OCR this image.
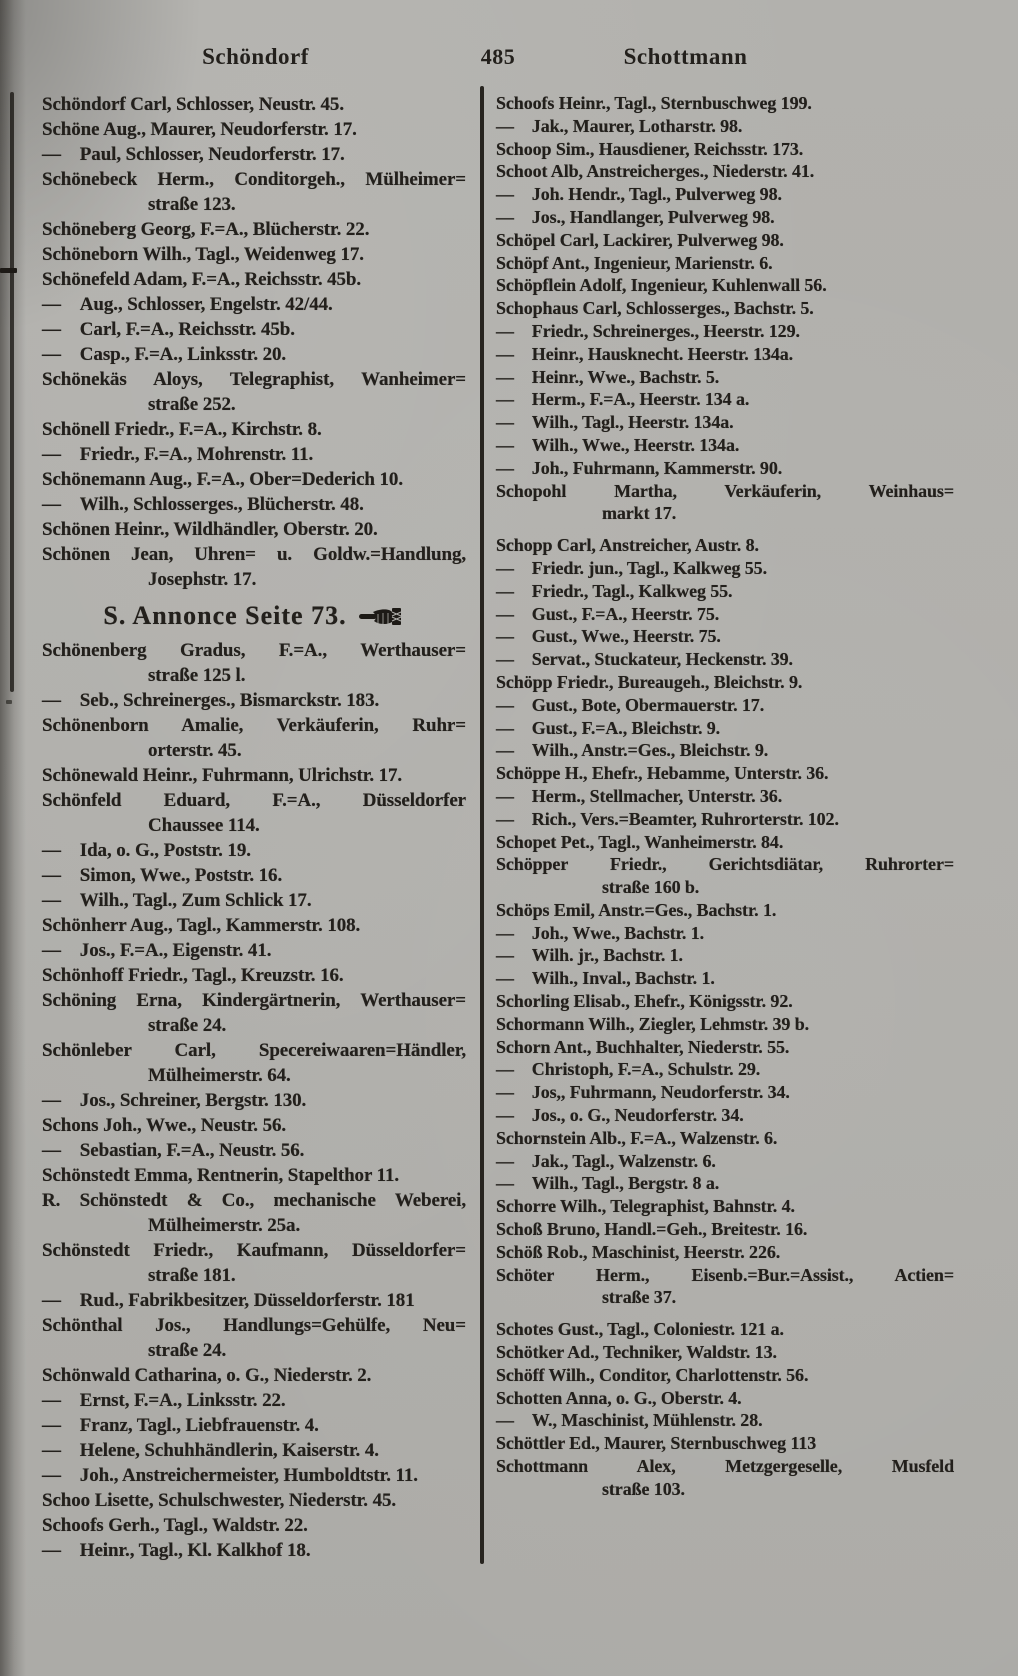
Schöndorf	485	Schottmann
Schöndorf Carl, Schlosser, Neustr. 45.
Schöne Aug., Maurer, Neudorferstr. 17.
— Paul, Schlosser, Neudorferstr. 17.
Schönebeck Herm., Conditorgeh., Mülheimer=
straße 123.
Schöneberg Georg, F.=A., Blücherstr. 22.
Schöneborn Wilh., Tagl., Weidenweg 17.
Schönefeld Adam, F.=A., Reichsstr. 45b.
— Aug., Schlosser, Engelstr. 42/44.
— Carl, F.=A., Reichsstr. 45b.
— Casp., F.=A., Linksstr. 20.
Schönekäs Aloys, Telegraphist, Wanheimer=
straße 252.
Schönell Friedr., F.=A., Kirchstr. 8.
— Friedr., F.=A., Mohrenstr. 11.
Schönemann Aug., F.=A., Ober=Dederich 10.
— Wilh., Schlosserges., Blücherstr. 48.
Schönen Heinr., Wildhändler, Oberstr. 20.
Schönen Jean, Uhren= u. Goldw.=Handlung,
Josephstr. 17.
S. Annonce Seite 73.
Schönenberg Gradus, F.=A., Werthauser=
straße 125 l.
— Seb., Schreinerges., Bismarckstr. 183.
Schönenborn Amalie, Verkäuferin, Ruhr=
orterstr. 45.
Schönewald Heinr., Fuhrmann, Ulrichstr. 17.
Schönfeld Eduard, F.=A., Düsseldorfer
Chaussee 114.
— Ida, o. G., Poststr. 19.
— Simon, Wwe., Poststr. 16.
— Wilh., Tagl., Zum Schlick 17.
Schönherr Aug., Tagl., Kammerstr. 108.
— Jos., F.=A., Eigenstr. 41.
Schönhoff Friedr., Tagl., Kreuzstr. 16.
Schöning Erna, Kindergärtnerin, Werthauser=
straße 24.
Schönleber Carl, Specereiwaaren=Händler,
Mülheimerstr. 64.
— Jos., Schreiner, Bergstr. 130.
Schons Joh., Wwe., Neustr. 56.
— Sebastian, F.=A., Neustr. 56.
Schönstedt Emma, Rentnerin, Stapelthor 11.
R. Schönstedt & Co., mechanische Weberei,
Mülheimerstr. 25a.
Schönstedt Friedr., Kaufmann, Düsseldorfer=
straße 181.
— Rud., Fabrikbesitzer, Düsseldorferstr. 181
Schönthal Jos., Handlungs=Gehülfe, Neu=
straße 24.
Schönwald Catharina, o. G., Niederstr. 2.
— Ernst, F.=A., Linksstr. 22.
— Franz, Tagl., Liebfrauenstr. 4.
— Helene, Schuhhändlerin, Kaiserstr. 4.
— Joh., Anstreichermeister, Humboldtstr. 11.
Schoo Lisette, Schulschwester, Niederstr. 45.
Schoofs Gerh., Tagl., Waldstr. 22.
— Heinr., Tagl., Kl. Kalkhof 18.
Schoofs Heinr., Tagl., Sternbuschweg 199.
— Jak., Maurer, Lotharstr. 98.
Schoop Sim., Hausdiener, Reichsstr. 173.
Schoot Alb, Anstreicherges., Niederstr. 41.
— Joh. Hendr., Tagl., Pulverweg 98.
— Jos., Handlanger, Pulverweg 98.
Schöpel Carl, Lackirer, Pulverweg 98.
Schöpf Ant., Ingenieur, Marienstr. 6.
Schöpflein Adolf, Ingenieur, Kuhlenwall 56.
Schophaus Carl, Schlosserges., Bachstr. 5.
— Friedr., Schreinerges., Heerstr. 129.
— Heinr., Hausknecht. Heerstr. 134a.
— Heinr., Wwe., Bachstr. 5.
— Herm., F.=A., Heerstr. 134 a.
— Wilh., Tagl., Heerstr. 134a.
— Wilh., Wwe., Heerstr. 134a.
— Joh., Fuhrmann, Kammerstr. 90.
Schopohl Martha, Verkäuferin, Weinhaus=
markt 17.
Schopp Carl, Anstreicher, Austr. 8.
— Friedr. jun., Tagl., Kalkweg 55.
— Friedr., Tagl., Kalkweg 55.
— Gust., F.=A., Heerstr. 75.
— Gust., Wwe., Heerstr. 75.
— Servat., Stuckateur, Heckenstr. 39.
Schöpp Friedr., Bureaugeh., Bleichstr. 9.
— Gust., Bote, Obermauerstr. 17.
— Gust., F.=A., Bleichstr. 9.
— Wilh., Anstr.=Ges., Bleichstr. 9.
Schöppe H., Ehefr., Hebamme, Unterstr. 36.
— Herm., Stellmacher, Unterstr. 36.
— Rich., Vers.=Beamter, Ruhrorterstr. 102.
Schopet Pet., Tagl., Wanheimerstr. 84.
Schöpper Friedr., Gerichtsdiätar, Ruhrorter=
straße 160 b.
Schöps Emil, Anstr.=Ges., Bachstr. 1.
— Joh., Wwe., Bachstr. 1.
— Wilh. jr., Bachstr. 1.
— Wilh., Inval., Bachstr. 1.
Schorling Elisab., Ehefr., Königsstr. 92.
Schormann Wilh., Ziegler, Lehmstr. 39 b.
Schorn Ant., Buchhalter, Niederstr. 55.
— Christoph, F.=A., Schulstr. 29.
— Jos,, Fuhrmann, Neudorferstr. 34.
— Jos., o. G., Neudorferstr. 34.
Schornstein Alb., F.=A., Walzenstr. 6.
— Jak., Tagl., Walzenstr. 6.
— Wilh., Tagl., Bergstr. 8 a.
Schorre Wilh., Telegraphist, Bahnstr. 4.
Schoß Bruno, Handl.=Geh., Breitestr. 16.
Schöß Rob., Maschinist, Heerstr. 226.
Schöter Herm., Eisenb.=Bur.=Assist., Actien=
straße 37.
Schotes Gust., Tagl., Coloniestr. 121 a.
Schötker Ad., Techniker, Waldstr. 13.
Schöff Wilh., Conditor, Charlottenstr. 56.
Schotten Anna, o. G., Oberstr. 4.
— W., Maschinist, Mühlenstr. 28.
Schöttler Ed., Maurer, Sternbuschweg 113
Schottmann Alex, Metzgergeselle, Musfeld
straße 103.
